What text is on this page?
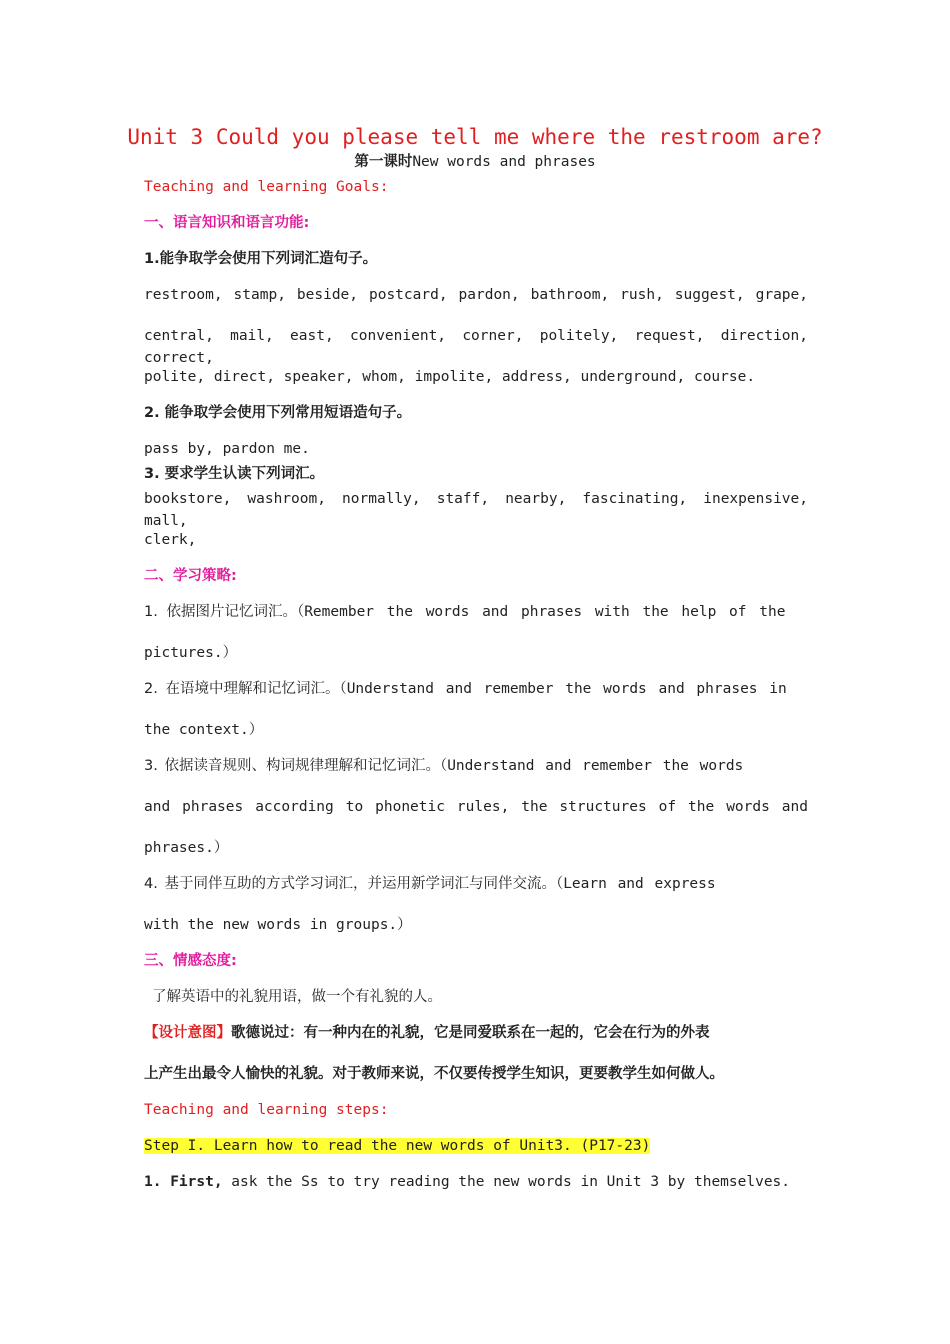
Unit 3 Could you please tell me where the restroom are?
第一课时New words and phrases
Teaching and learning Goals:
一、语言知识和语言功能:
1.能争取学会使用下列词汇造句子。
restroom, stamp, beside, postcard, pardon, bathroom, rush, suggest, grape,
central, mail, east, convenient, corner, politely, request, direction, correct,
polite, direct, speaker, whom, impolite, address, underground, course.
2. 能争取学会使用下列常用短语造句子。
pass by, pardon me.
3. 要求学生认读下列词汇。
bookstore, washroom, normally, staff, nearby, fascinating, inexpensive, mall,
clerk,
二、学习策略:
1. 依据图片记忆词汇。（Remember the words and phrases with the help of the
pictures.）
2. 在语境中理解和记忆词汇。（Understand and remember the words and phrases in
the context.）
3. 依据读音规则、构词规律理解和记忆词汇。（Understand and remember the words
and phrases according to phonetic rules, the structures of the words and
phrases.）
4. 基于同伴互助的方式学习词汇，并运用新学词汇与同伴交流。（Learn and express
with the new words in groups.）
三、情感态度:
了解英语中的礼貌用语，做一个有礼貌的人。
【设计意图】歌德说过：有一种内在的礼貌，它是同爱联系在一起的，它会在行为的外表
上产生出最令人愉快的礼貌。对于教师来说，不仅要传授学生知识，更要教学生如何做人。
Teaching and learning steps:
Step I. Learn how to read the new words of Unit3. (P17-23)
1. First, ask the Ss to try reading the new words in Unit 3 by themselves.
